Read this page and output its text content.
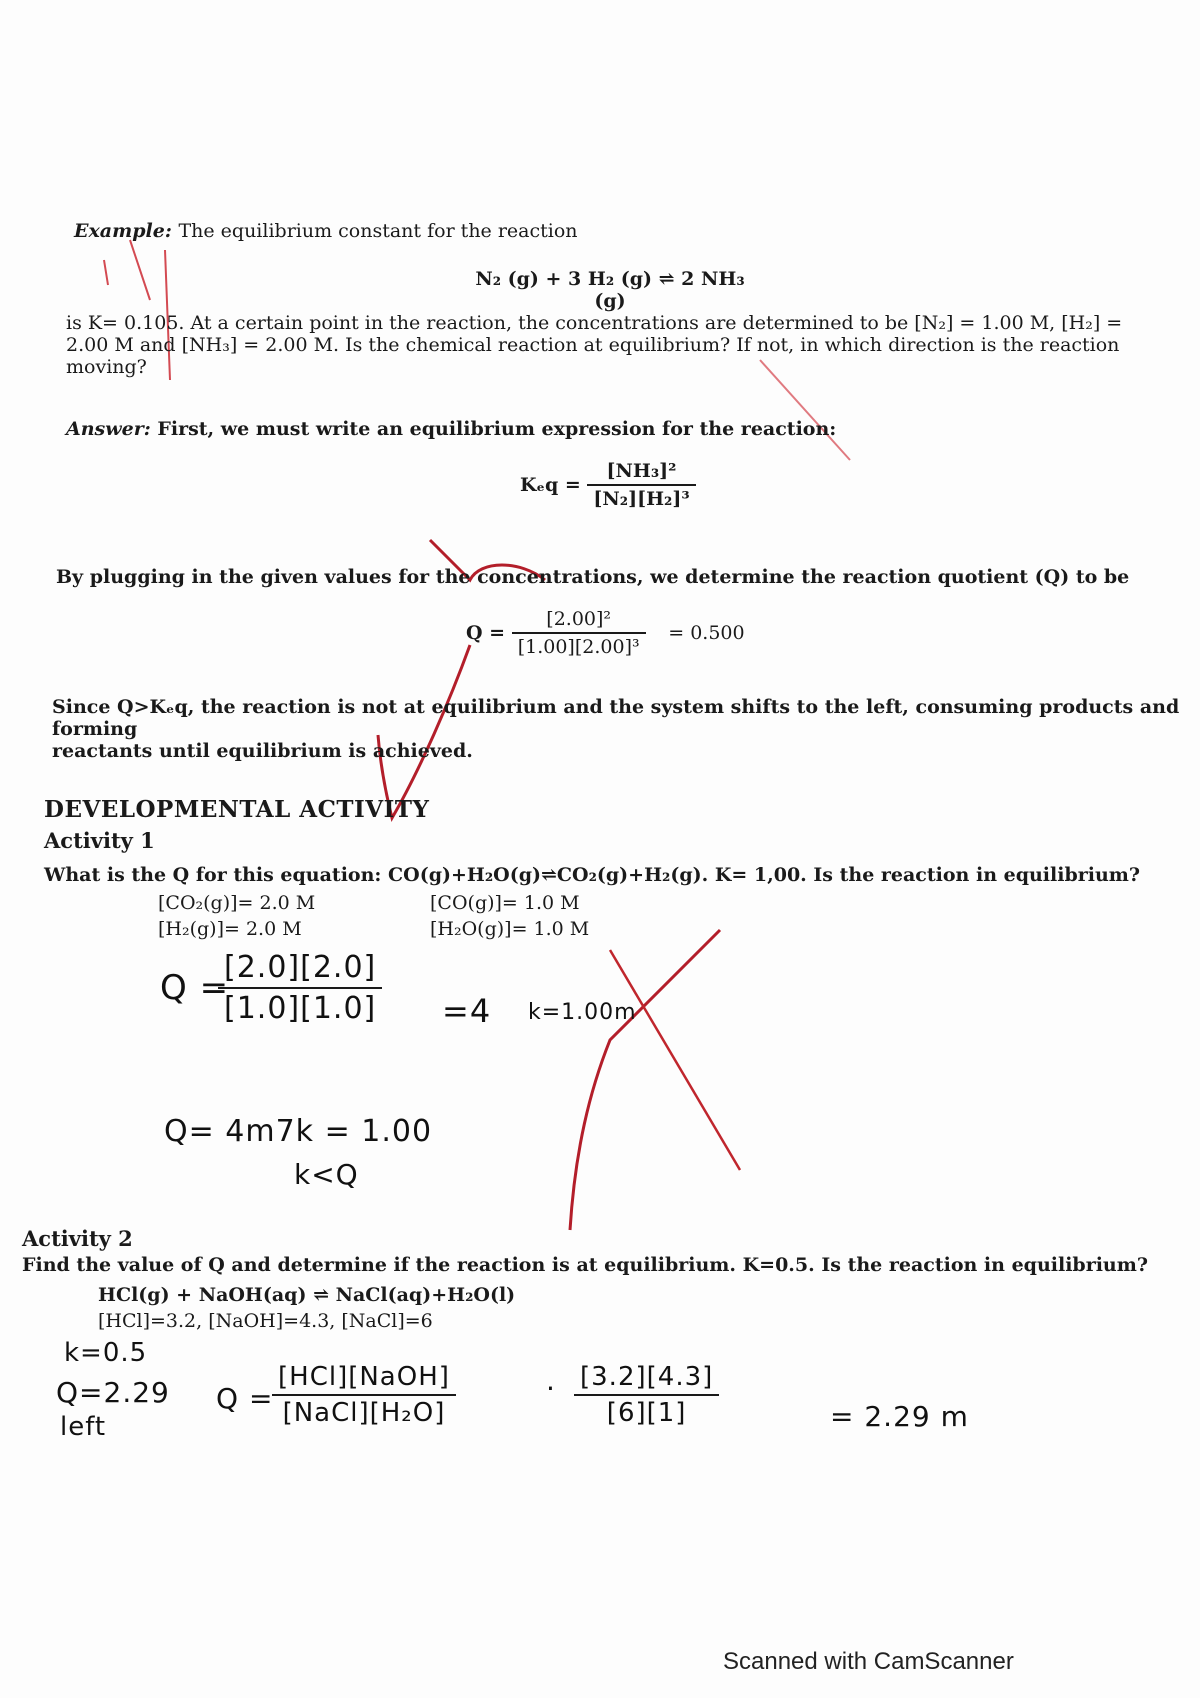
Example: The equilibrium constant for the reaction
N₂ (g) + 3 H₂ (g) ⇌ 2 NH₃ (g)
is K= 0.105. At a certain point in the reaction, the concentrations are determined to be [N₂] = 1.00 M, [H₂] =
2.00 M and [NH₃] = 2.00 M. Is the chemical reaction at equilibrium? If not, in which direction is the reaction
moving?
Answer: First, we must write an equilibrium expression for the reaction:
$K_eq = \frac{\text{[NH₃]²}}{\text{[N₂][H₂]³}}$
By plugging in the given values for the concentrations, we determine the reaction quotient (Q) to be
$Q = \frac{\text{[2.00]²}}{\text{[1.00][2.00]³}} = 0.500$
Since Q>Kₑq, the reaction is not at equilibrium and the system shifts to the left, consuming products and forming
reactants until equilibrium is achieved.
DEVELOPMENTAL ACTIVITY
Activity 1
What is the Q for this equation: CO(g)+H₂O(g)⇌CO₂(g)+H₂(g). K= 1,00. Is the reaction in equilibrium?
[CO₂(g)]= 2.0 M	[CO(g)]= 1.0 M
[H₂(g)]= 2.0 M	[H₂O(g)]= 1.0 M
Q =
$\frac{[2.0][2.0]}{[1.0][1.0]} =4$ k=1.00m
Q= 4m7k = 1.00
k<Q
Activity 2
Find the value of Q and determine if the reaction is at equilibrium. K=0.5. Is the reaction in equilibrium?
HCl(g) + NaOH(aq) ⇌ NaCl(aq)+H₂O(l)
[HCl]=3.2, [NaOH]=4.3, [NaCl]=6
k=0.5
Q=2.29
left
Q =
$\frac{\text{[HCl][NaOH]}}{\text{[NaCl][H₂O]}}$	· $\frac{[3.2][4.3]}{[6][1]}$	= 2.29 m
Scanned with CamScanner
